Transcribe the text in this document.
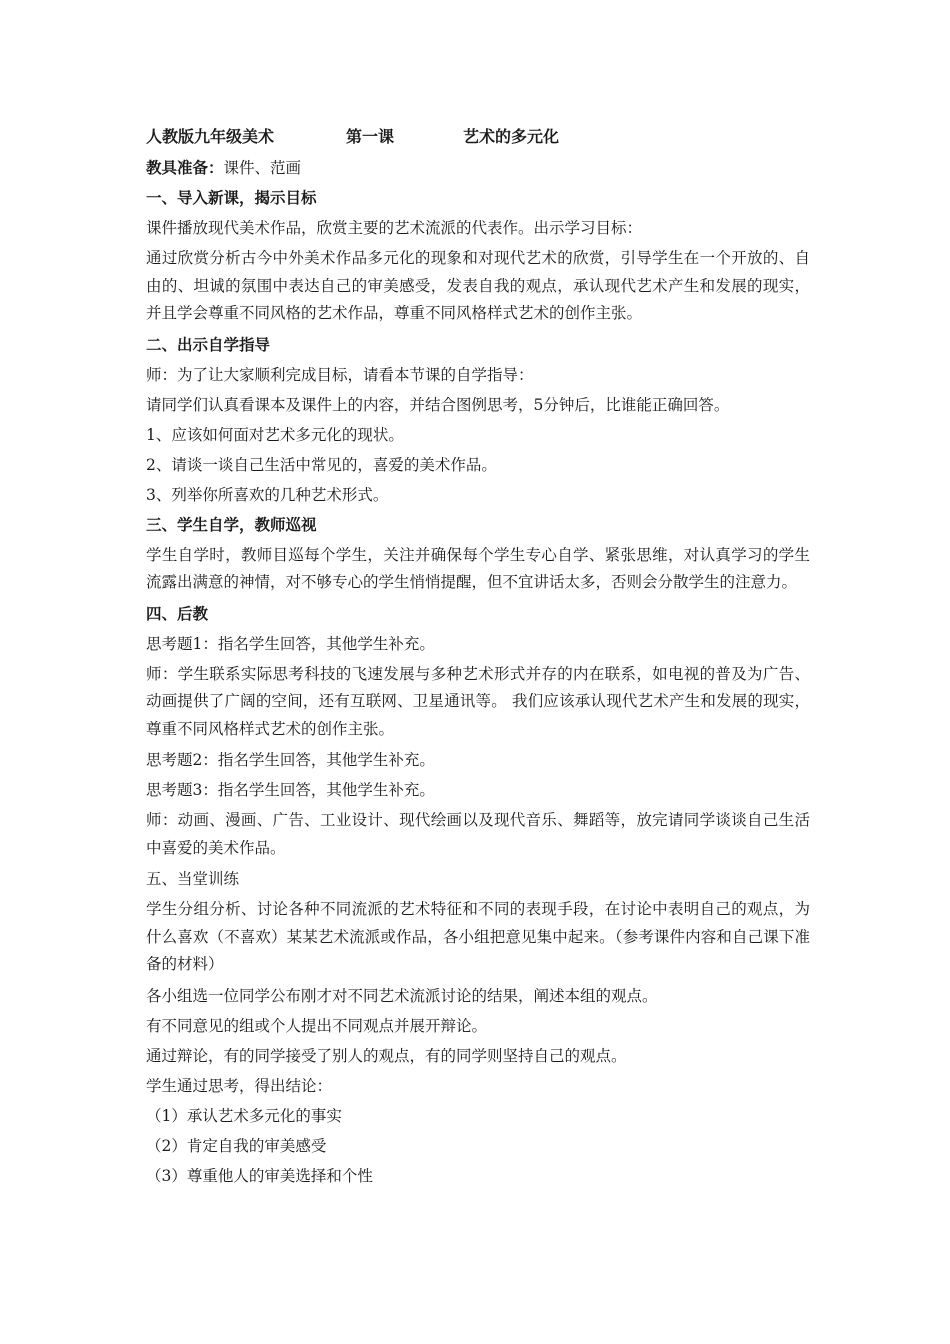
人教版九年级美术	第一课	艺术的多元化
教具准备：课件、范画
一、导入新课，揭示目标
课件播放现代美术作品，欣赏主要的艺术流派的代表作。出示学习目标：
通过欣赏分析古今中外美术作品多元化的现象和对现代艺术的欣赏，引导学生在一个开放的、自由的、坦诚的氛围中表达自己的审美感受，发表自我的观点，承认现代艺术产生和发展的现实，并且学会尊重不同风格的艺术作品，尊重不同风格样式艺术的创作主张。
二、出示自学指导
师：为了让大家顺利完成目标，请看本节课的自学指导：
请同学们认真看课本及课件上的内容，并结合图例思考，5分钟后，比谁能正确回答。
1、应该如何面对艺术多元化的现状。
2、请谈一谈自己生活中常见的，喜爱的美术作品。
3、列举你所喜欢的几种艺术形式。
三、学生自学，教师巡视
学生自学时，教师目巡每个学生，关注并确保每个学生专心自学、紧张思维，对认真学习的学生流露出满意的神情，对不够专心的学生悄悄提醒，但不宜讲话太多，否则会分散学生的注意力。
四、后教
思考题1：指名学生回答，其他学生补充。
师：学生联系实际思考科技的飞速发展与多种艺术形式并存的内在联系，如电视的普及为广告、动画提供了广阔的空间，还有互联网、卫星通讯等。 我们应该承认现代艺术产生和发展的现实，尊重不同风格样式艺术的创作主张。
思考题2：指名学生回答，其他学生补充。
思考题3：指名学生回答，其他学生补充。
师：动画、漫画、广告、工业设计、现代绘画以及现代音乐、舞蹈等，放完请同学谈谈自己生活中喜爱的美术作品。
五、当堂训练
学生分组分析、讨论各种不同流派的艺术特征和不同的表现手段，在讨论中表明自己的观点，为什么喜欢（不喜欢）某某艺术流派或作品，各小组把意见集中起来。（参考课件内容和自己课下准备的材料）
各小组选一位同学公布刚才对不同艺术流派讨论的结果，阐述本组的观点。
有不同意见的组或个人提出不同观点并展开辩论。
通过辩论，有的同学接受了别人的观点，有的同学则坚持自己的观点。
学生通过思考，得出结论：
（1）承认艺术多元化的事实
（2）肯定自我的审美感受
（3）尊重他人的审美选择和个性
